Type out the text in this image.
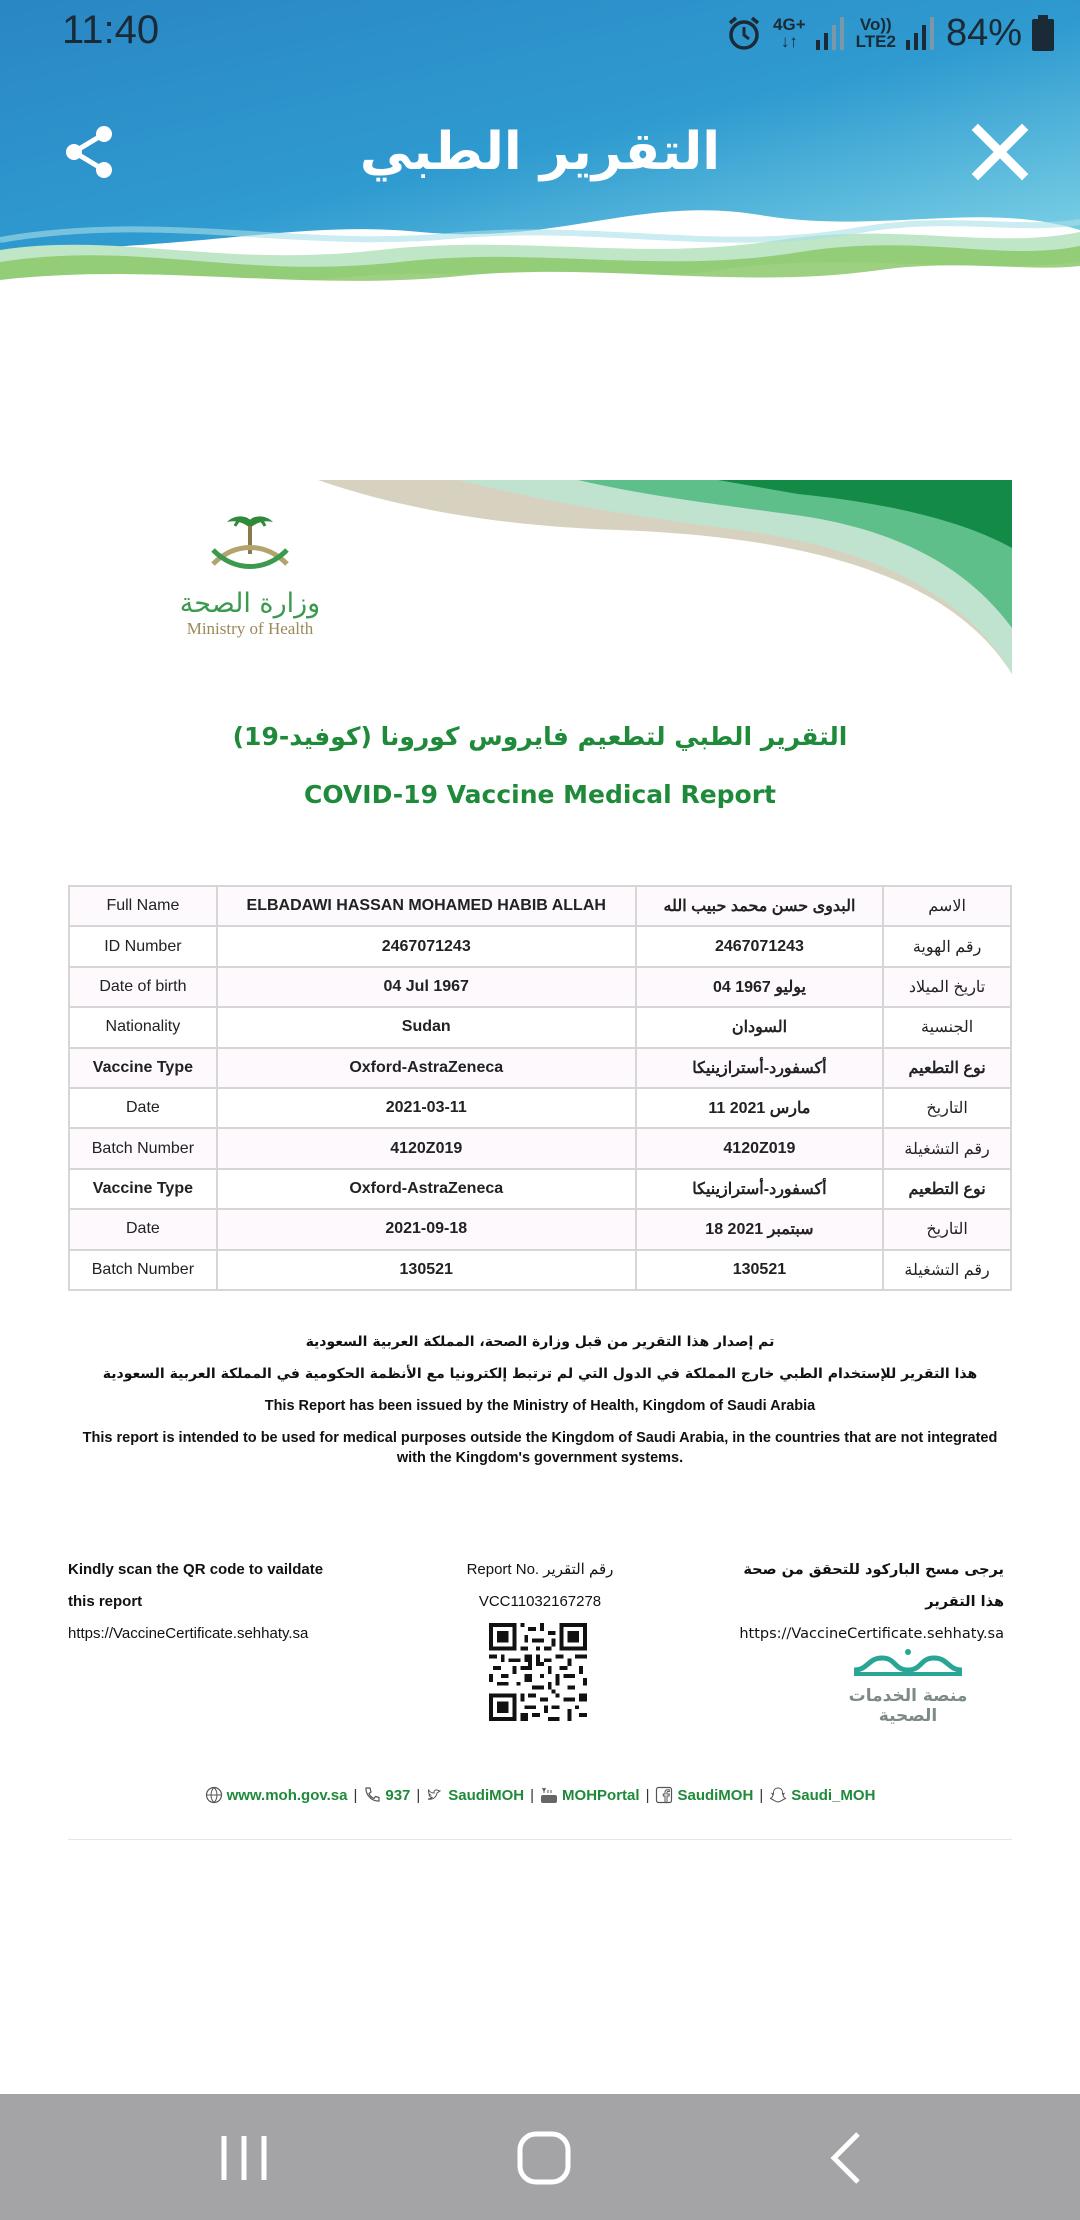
11:40	4G+
↓↑
Vo))
LTE2 84%
التقرير الطبي
وزارة الصحة
Ministry of Health
التقرير الطبي لتطعيم فايروس كورونا (كوفيد-19)
COVID-19 Vaccine Medical Report
Full Name	ELBADAWI HASSAN MOHAMED HABIB ALLAH	البدوى حسن محمد حبيب الله	الاسم
ID Number	2467071243	2467071243	رقم الهوية
Date of birth	04 Jul 1967	04 يوليو 1967	تاريخ الميلاد
Nationality	Sudan	السودان	الجنسية
Vaccine Type	Oxford-AstraZeneca	أكسفورد-أسترازينيكا	نوع التطعيم
Date	2021-03-11	11 مارس 2021	التاريخ
Batch Number	4120Z019	4120Z019	رقم التشغيلة
Vaccine Type	Oxford-AstraZeneca	أكسفورد-أسترازينيكا	نوع التطعيم
Date	2021-09-18	18 سبتمبر 2021	التاريخ
Batch Number	130521	130521	رقم التشغيلة

تم إصدار هذا التقرير من قبل وزارة الصحة، المملكة العربية السعودية

هذا التقرير للإستخدام الطبي خارج المملكة في الدول التي لم ترتبط إلكترونيا مع الأنظمة الحكومية في المملكة العربية السعودية

This Report has been issued by the Ministry of Health, Kingdom of Saudi Arabia

This report is intended to be used for medical purposes outside the Kingdom of Saudi Arabia, in the countries that are not integrated with the Kingdom's government systems.

Kindly scan the QR code to vaildate
this report
https://VaccineCertificate.sehhaty.sa
Report No. رقم التقرير
VCC11032167278
يرجى مسح الباركود للتحقق من صحة
هذا التقرير
https://VaccineCertificate.sehhaty.sa
منصة الخدمات الصحية
www.moh.gov.sa | 937 | SaudiMOH | MOHPortal | SaudiMOH | Saudi_MOH
